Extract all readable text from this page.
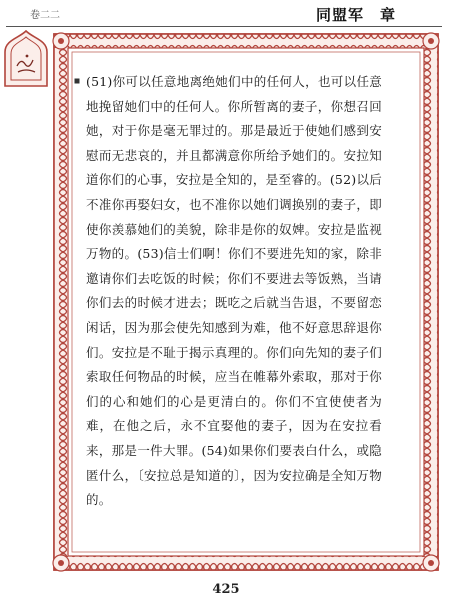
卷二二	同盟军　章

(51)你可以任意地离绝她们中的任何人，也可以任意地挽留她们中的任何人。你所暂离的妻子，你想召回她，对于你是毫无罪过的。那是最近于使她们感到安慰而无悲哀的，并且都满意你所给予她们的。安拉知道你们的心事，安拉是全知的，是至睿的。(52)以后不准你再娶妇女，也不准你以她们调换别的妻子，即使你羡慕她们的美貌，除非是你的奴婢。安拉是监视万物的。(53)信士们啊！你们不要进先知的家，除非邀请你们去吃饭的时候；你们不要进去等饭熟，当请你们去的时候才进去；既吃之后就当告退，不要留恋闲话，因为那会使先知感到为难，他不好意思辞退你们。安拉是不耻于揭示真理的。你们向先知的妻子们索取任何物品的时候，应当在帷幕外索取，那对于你们的心和她们的心是更清白的。你们不宜使使者为难，在他之后，永不宜娶他的妻子，因为在安拉看来，那是一件大罪。(54)如果你们要表白什么，或隐匿什么，〔安拉总是知道的〕，因为安拉确是全知万物的。

425
